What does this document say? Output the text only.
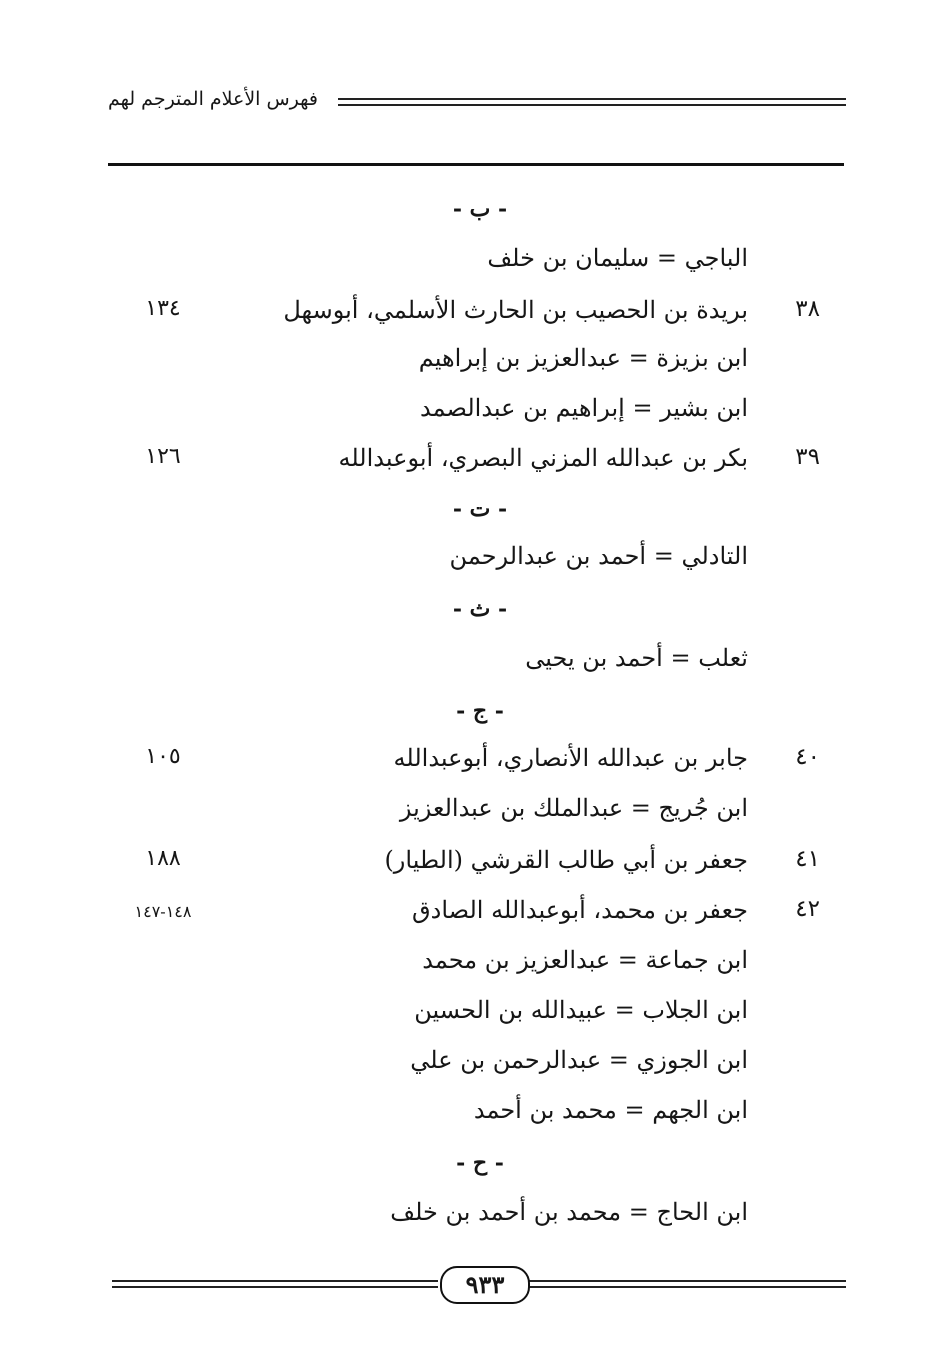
فهرس الأعلام المترجم لهم
- ب -
الباجي = سليمان بن خلف
٣٨
بريدة بن الحصيب بن الحارث الأسلمي، أبوسهل
١٣٤
ابن بزيزة = عبدالعزيز بن إبراهيم
ابن بشير = إبراهيم بن عبدالصمد
٣٩
بكر بن عبدالله المزني البصري، أبوعبدالله
١٢٦
- ت -
التادلي = أحمد بن عبدالرحمن
- ث -
ثعلب = أحمد بن يحيى
- ج -
٤٠
جابر بن عبدالله الأنصاري، أبوعبدالله
١٠٥
ابن جُريج = عبدالملك بن عبدالعزيز
٤١
جعفر بن أبي طالب القرشي (الطيار)
١٨٨
٤٢
جعفر بن محمد، أبوعبدالله الصادق
١٤٨-١٤٧
ابن جماعة = عبدالعزيز بن محمد
ابن الجلاب = عبيدالله بن الحسين
ابن الجوزي = عبدالرحمن بن علي
ابن الجهم = محمد بن أحمد
- ح -
ابن الحاج = محمد بن أحمد بن خلف
٩٣٣
